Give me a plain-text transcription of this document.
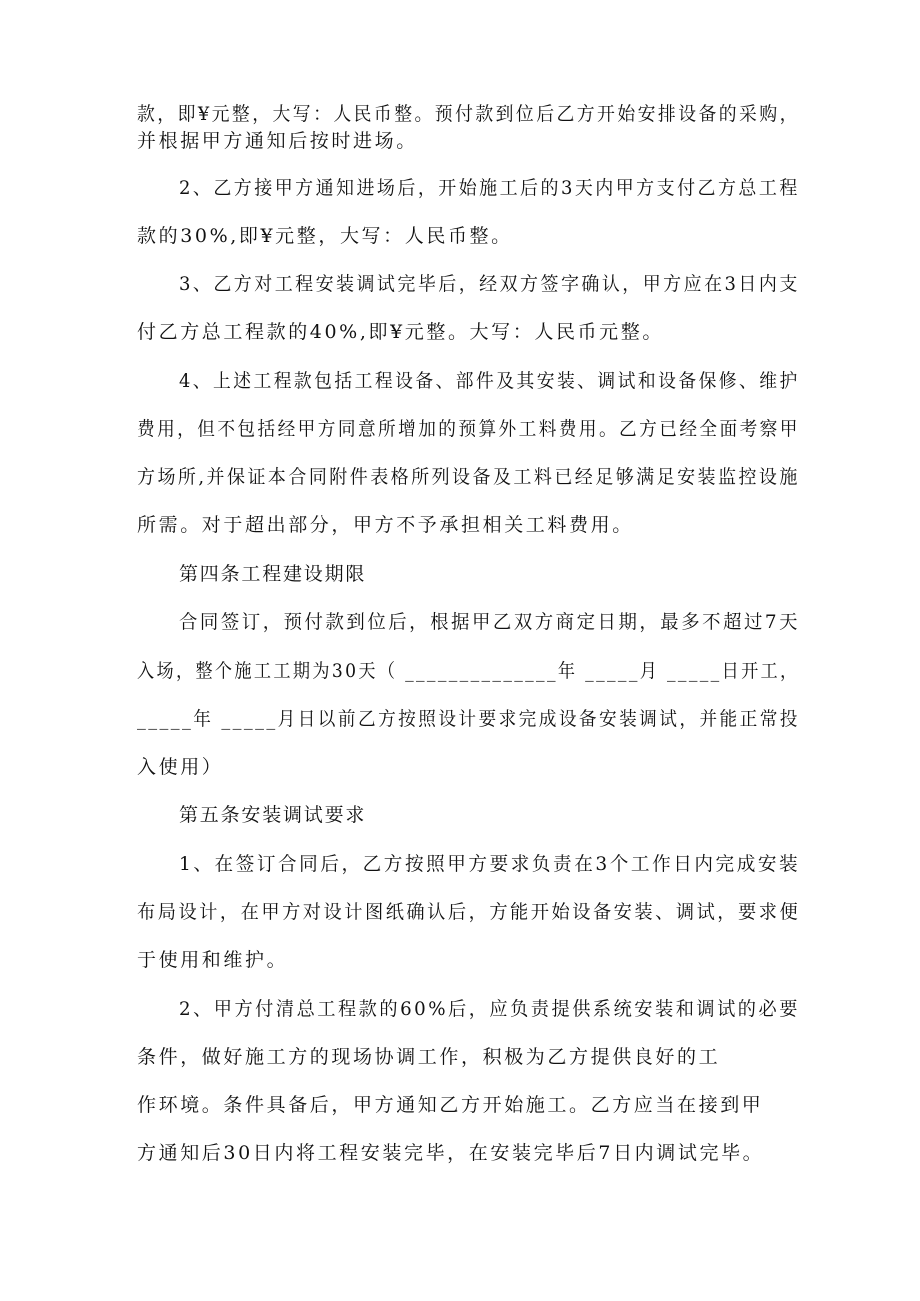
款，即¥元整，大写：人民币整。预付款到位后乙方开始安排设备的采购，
并根据甲方通知后按时进场。
2、乙方接甲方通知进场后，开始施工后的3天内甲方支付乙方总工程
款的30%,即¥元整，大写：人民币整。
3、乙方对工程安装调试完毕后，经双方签字确认，甲方应在3日内支
付乙方总工程款的40%,即¥元整。大写：人民币元整。
4、上述工程款包括工程设备、部件及其安装、调试和设备保修、维护
费用，但不包括经甲方同意所增加的预算外工料费用。乙方已经全面考察甲
方场所,并保证本合同附件表格所列设备及工料已经足够满足安装监控设施
所需。对于超出部分，甲方不予承担相关工料费用。
第四条工程建设期限
合同签订，预付款到位后，根据甲乙双方商定日期，最多不超过7天
入场，整个施工工期为30天（ ______________年 _____月 _____日开工，
_____年 _____月日以前乙方按照设计要求完成设备安装调试，并能正常投
入使用）
第五条安装调试要求
1、在签订合同后，乙方按照甲方要求负责在3个工作日内完成安装
布局设计，在甲方对设计图纸确认后，方能开始设备安装、调试，要求便
于使用和维护。
2、甲方付清总工程款的60%后，应负责提供系统安装和调试的必要
条件，做好施工方的现场协调工作，积极为乙方提供良好的工
作环境。条件具备后，甲方通知乙方开始施工。乙方应当在接到甲
方通知后30日内将工程安装完毕，在安装完毕后7日内调试完毕。
